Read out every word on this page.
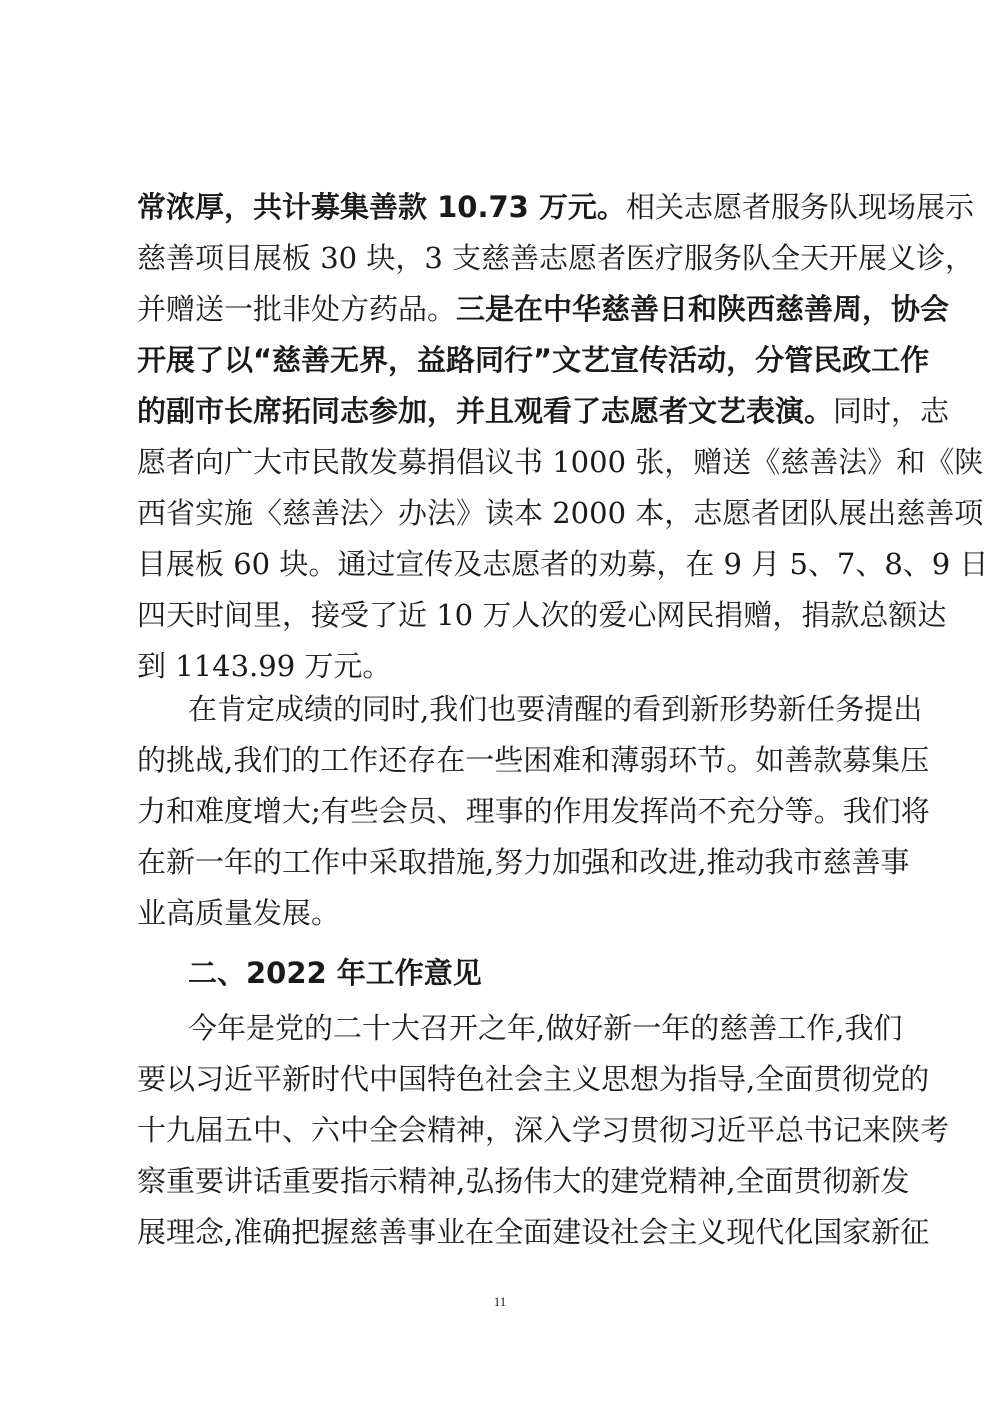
常浓厚，共计募集善款 10.73 万元。相关志愿者服务队现场展示
慈善项目展板 30 块，3 支慈善志愿者医疗服务队全天开展义诊，
并赠送一批非处方药品。三是在中华慈善日和陕西慈善周，协会
开展了以“慈善无界，益路同行”文艺宣传活动，分管民政工作
的副市长席拓同志参加，并且观看了志愿者文艺表演。同时，志
愿者向广大市民散发募捐倡议书 1000 张，赠送《慈善法》和《陕
西省实施〈慈善法〉办法》读本 2000 本，志愿者团队展出慈善项
目展板 60 块。通过宣传及志愿者的劝募，在 9 月 5、7、8、9 日
四天时间里，接受了近 10 万人次的爱心网民捐赠，捐款总额达
到 1143.99 万元。
在肯定成绩的同时,我们也要清醒的看到新形势新任务提出
的挑战,我们的工作还存在一些困难和薄弱环节。如善款募集压
力和难度增大;有些会员、理事的作用发挥尚不充分等。我们将
在新一年的工作中采取措施,努力加强和改进,推动我市慈善事
业高质量发展。
二、2022 年工作意见
今年是党的二十大召开之年,做好新一年的慈善工作,我们
要以习近平新时代中国特色社会主义思想为指导,全面贯彻党的
十九届五中、六中全会精神，深入学习贯彻习近平总书记来陕考
察重要讲话重要指示精神,弘扬伟大的建党精神,全面贯彻新发
展理念,准确把握慈善事业在全面建设社会主义现代化国家新征
11
